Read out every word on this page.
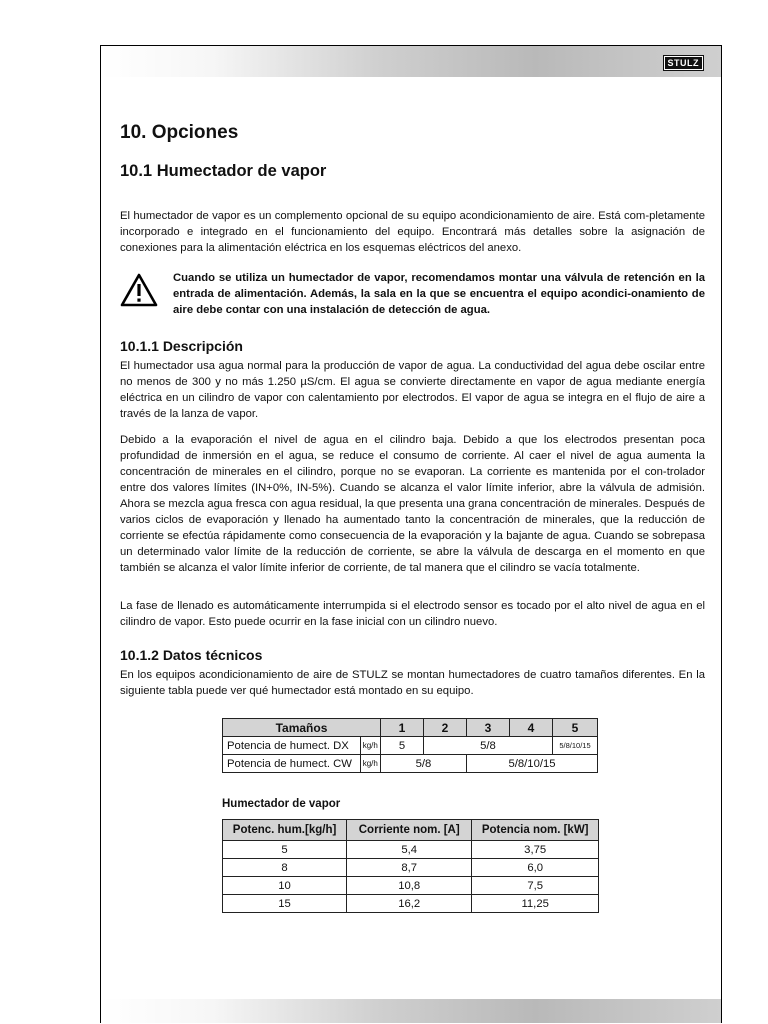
STULZ
10. Opciones
10.1 Humectador de vapor

El humectador de vapor es un complemento opcional de su equipo acondicionamiento de aire. Está com-pletamente incorporado e integrado en el funcionamiento del equipo. Encontrará más detalles sobre la asignación de conexiones para la alimentación eléctrica en los esquemas eléctricos del anexo.

Cuando se utiliza un humectador de vapor, recomendamos montar una válvula de retención en la entrada de alimentación. Además, la sala en la que se encuentra el equipo acondici-onamiento de aire debe contar con una instalación de detección de agua.

10.1.1 Descripción

El humectador usa agua normal para la producción de vapor de agua. La conductividad del agua debe oscilar entre no menos de 300 y no más 1.250 µS/cm. El agua se convierte directamente en vapor de agua mediante energía eléctrica en un cilindro de vapor con calentamiento por electrodos. El vapor de agua se integra en el flujo de aire a través de la lanza de vapor.

Debido a la evaporación el nivel de agua en el cilindro baja. Debido a que los electrodos presentan poca profundidad de inmersión en el agua, se reduce el consumo de corriente. Al caer el nivel de agua aumenta la concentración de minerales en el cilindro, porque no se evaporan. La corriente es mantenida por el con-trolador entre dos valores límites (IN+0%, IN-5%). Cuando se alcanza el valor límite inferior, abre la válvula de admisión. Ahora se mezcla agua fresca con agua residual, la que presenta una grana concentración de minerales. Después de varios ciclos de evaporación y llenado ha aumentado tanto la concentración de minerales, que la reducción de corriente se efectúa rápidamente como consecuencia de la evaporación y la bajante de agua. Cuando se sobrepasa un determinado valor límite de la reducción de corriente, se abre la válvula de descarga en el momento en que también se alcanza el valor límite inferior de corriente, de tal manera que el cilindro se vacía totalmente.

La fase de llenado es automáticamente interrumpida si el electrodo sensor es tocado por el alto nivel de agua en el cilindro de vapor. Esto puede ocurrir en la fase inicial con un cilindro nuevo.

10.1.2 Datos técnicos

En los equipos acondicionamiento de aire de STULZ se montan humectadores de cuatro tamaños diferentes. En la siguiente tabla puede ver qué humectador está montado en su equipo.

Tamaños		1	2	3	4	5
Potencia de humect. DX	kg/h	5	5/8			5/8/10/15
Potencia de humect. CW	kg/h	5/8		5/8/10/15		
Humectador de vapor
Potenc. hum.[kg/h]	Corriente nom. [A]	Potencia nom. [kW]
5	5,4	3,75
8	8,7	6,0
10	10,8	7,5
15	16,2	11,25
